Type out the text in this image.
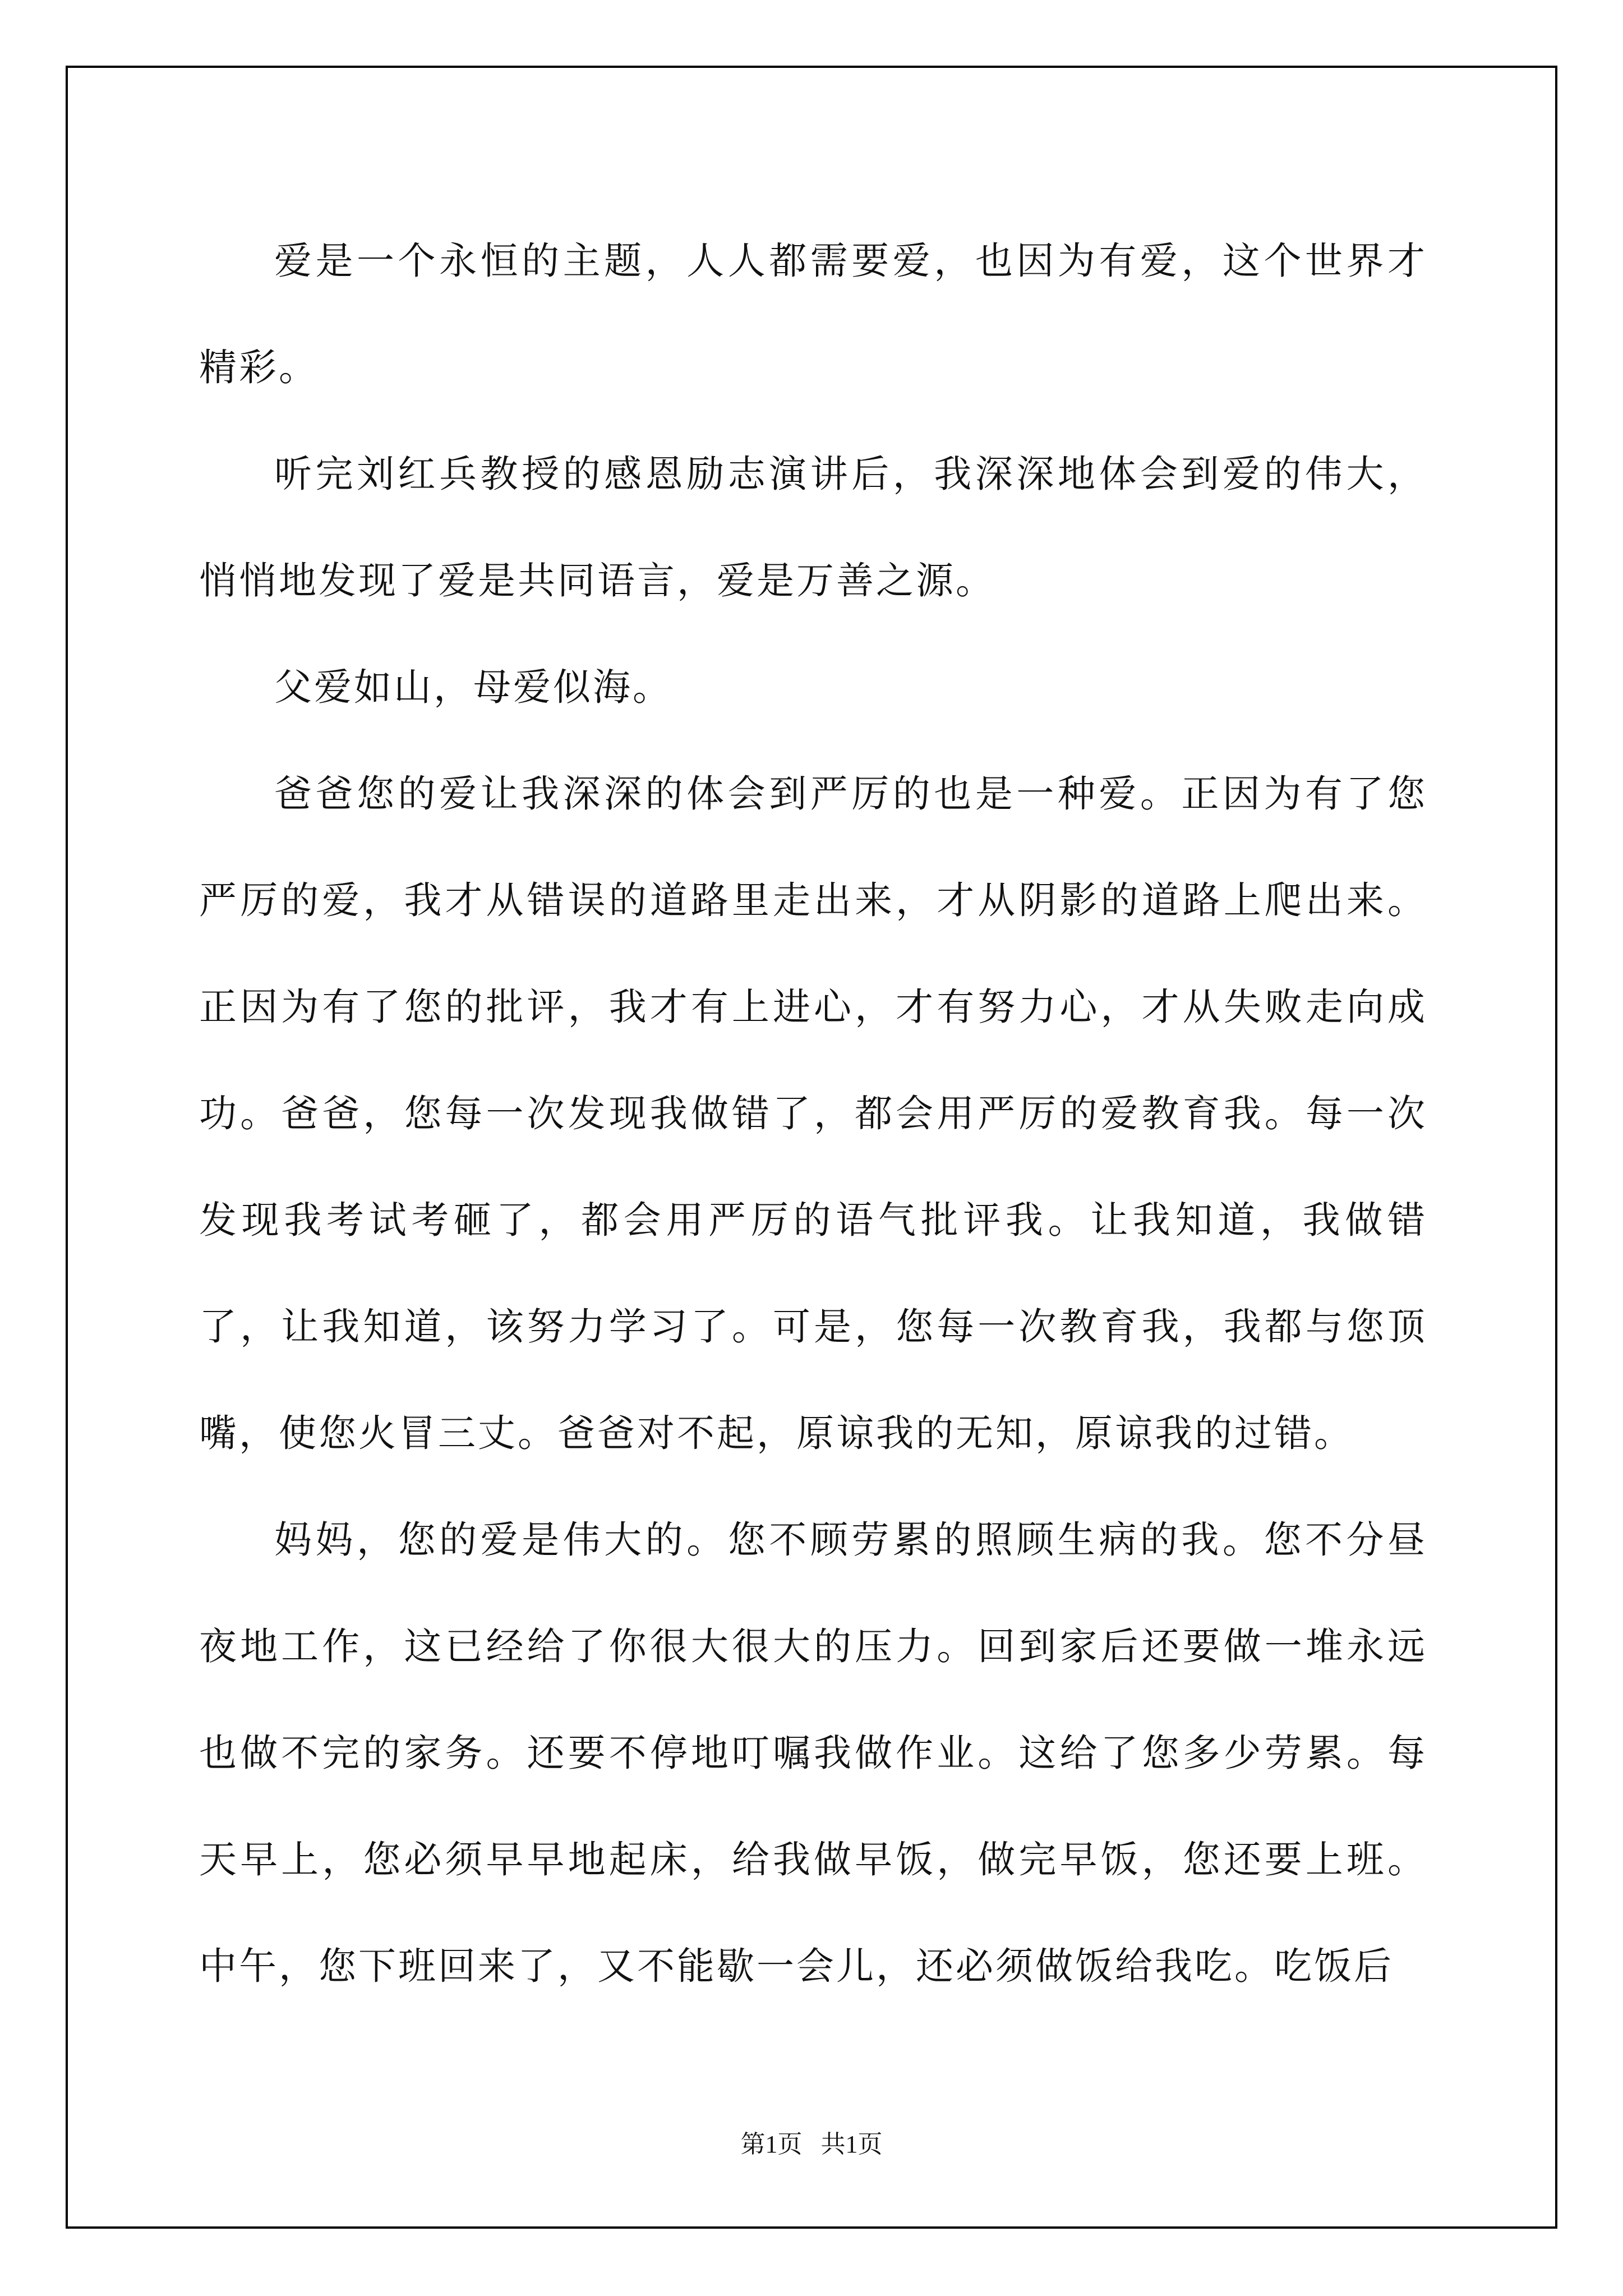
爱是一个永恒的主题，人人都需要爱，也因为有爱，这个世界才精彩。

听完刘红兵教授的感恩励志演讲后，我深深地体会到爱的伟大，悄悄地发现了爱是共同语言，爱是万善之源。

父爱如山，母爱似海。

爸爸您的爱让我深深的体会到严厉的也是一种爱。正因为有了您严厉的爱，我才从错误的道路里走出来，才从阴影的道路上爬出来。正因为有了您的批评，我才有上进心，才有努力心，才从失败走向成功。爸爸，您每一次发现我做错了，都会用严厉的爱教育我。每一次发现我考试考砸了，都会用严厉的语气批评我。让我知道，我做错了，让我知道，该努力学习了。可是，您每一次教育我，我都与您顶嘴，使您火冒三丈。爸爸对不起，原谅我的无知，原谅我的过错。

妈妈，您的爱是伟大的。您不顾劳累的照顾生病的我。您不分昼夜地工作，这已经给了你很大很大的压力。回到家后还要做一堆永远也做不完的家务。还要不停地叮嘱我做作业。这给了您多少劳累。每天早上，您必须早早地起床，给我做早饭，做完早饭，您还要上班。中午，您下班回来了，又不能歇一会儿，还必须做饭给我吃。吃饭后

第1页   共1页
